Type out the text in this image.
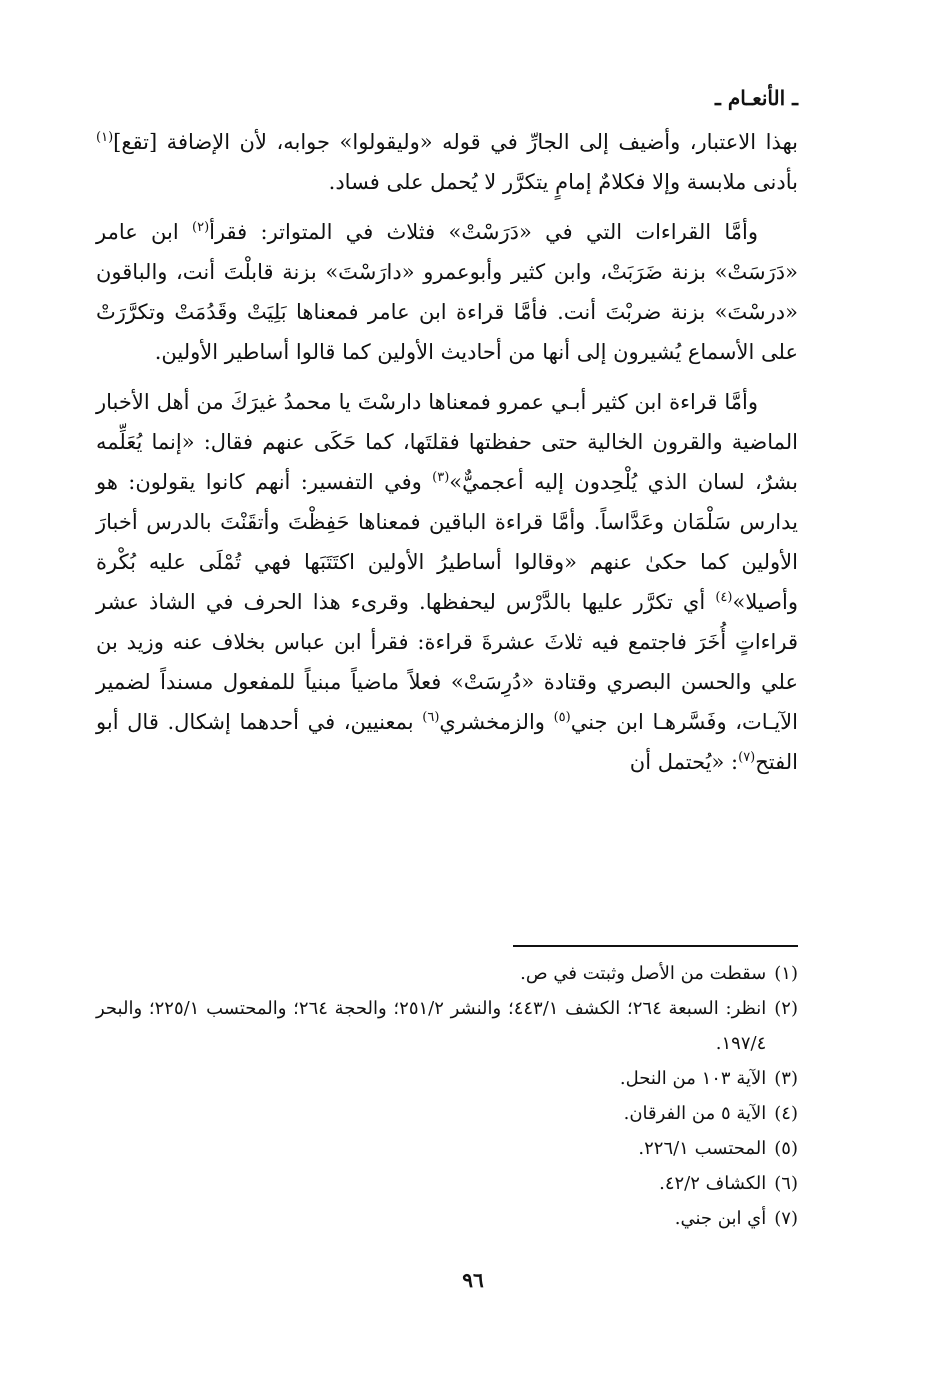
ـ الأنعـام ـ

بهذا الاعتبار، وأضيف إلى الجارِّ في قوله «وليقولوا» جوابه، لأن الإضافة [تقع]$^{(١)}$ بأدنى ملابسة وإلا فكلامٌ إمامٍ يتكرَّر لا يُحمل على فساد.

وأمَّا القراءات التي في «دَرَسْتْ» فثلاث في المتواتر: فقرأ$^{(٢)}$ ابن عامر «دَرَسَتْ» بزنة ضَرَبَتْ، وابن كثير وأبوعمرو «دارَسْتَ» بزنة قابلْتَ أنت، والباقون «درسْتَ» بزنة ضربْتَ أنت. فأمَّا قراءة ابن عامر فمعناها بَلِيَتْ وقَدُمَتْ وتكرَّرَتْ على الأسماع يُشيرون إلى أنها من أحاديث الأولين كما قالوا أساطير الأولين.

وأمَّا قراءة ابن كثير أبـي عمرو فمعناها دارسْتَ يا محمدُ غيرَكَ من أهل الأخبار الماضية والقرون الخالية حتى حفظتها فقلتَها، كما حَكَى عنهم فقال: «إنما يُعَلِّمه بشرٌ، لسان الذي يُلْحِدون إليه أعجميٌّ»$^{(٣)}$ وفي التفسير: أنهم كانوا يقولون: هو يدارس سَلْمَان وعَدَّاساً. وأمَّا قراءة الباقين فمعناها حَفِظْتَ وأتقَنْتَ بالدرس أخبارَ الأولين كما حكىٰ عنهم «وقالوا أساطيرُ الأولين اكتَتَبَها فهي تُمْلَى عليه بُكْرة وأصيلا»$^{(٤)}$ أي تكرَّر عليها بالدَّرْس ليحفظها. وقرىء هذا الحرف في الشاذ عشر قراءاتٍ أُخَرَ فاجتمع فيه ثلاثَ عشرةَ قراءة: فقرأ ابن عباس بخلاف عنه وزيد بن علي والحسن البصري وقتادة «دُرِسَتْ» فعلاً ماضياً مبنياً للمفعول مسنداً لضمير الآيـات، وفَسَّرهـا ابن جني$^{(٥)}$ والزمخشري$^{(٦)}$ بمعنيين، في أحدهما إشكال. قال أبو الفتح$^{(٧)}$: «يُحتمل أن

(١)
سقطت من الأصل وثبتت في ص.
(٢)
انظر: السبعة ٢٦٤؛ الكشف ٤٤٣/١؛ والنشر ٢٥١/٢؛ والحجة ٢٦٤؛ والمحتسب ٢٢٥/١؛ والبحر ١٩٧/٤.
(٣)
الآية ١٠٣ من النحل.
(٤)
الآية ٥ من الفرقان.
(٥)
المحتسب ٢٢٦/١.
(٦)
الكشاف ٤٢/٢.
(٧)
أي ابن جني.
٩٦
